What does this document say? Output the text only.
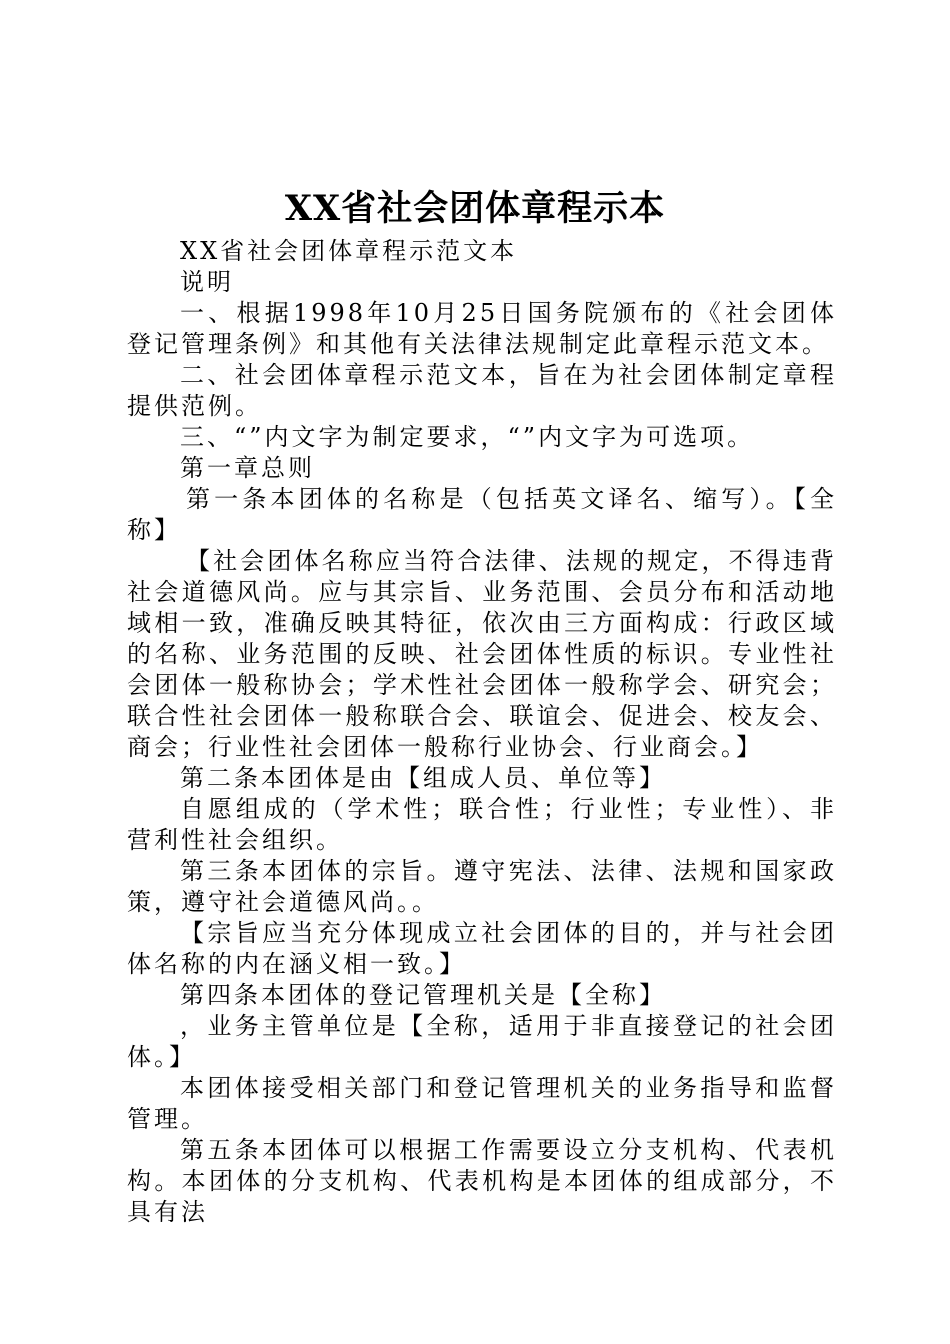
XX省社会团体章程示本

XX省社会团体章程示范文本

说明

一、根据1998年10月25日国务院颁布的《社会团体登记管理条例》和其他有关法律法规制定此章程示范文本。

二、社会团体章程示范文本，旨在为社会团体制定章程提供范例。

三、“”内文字为制定要求，“”内文字为可选项。

第一章总则

第一条本团体的名称是（包括英文译名、缩写）。【全称】

【社会团体名称应当符合法律、法规的规定，不得违背社会道德风尚。应与其宗旨、业务范围、会员分布和活动地域相一致，准确反映其特征，依次由三方面构成：行政区域的名称、业务范围的反映、社会团体性质的标识。专业性社会团体一般称协会；学术性社会团体一般称学会、研究会；联合性社会团体一般称联合会、联谊会、促进会、校友会、商会；行业性社会团体一般称行业协会、行业商会。】

第二条本团体是由【组成人员、单位等】

自愿组成的（学术性；联合性；行业性；专业性）、非营利性社会组织。

第三条本团体的宗旨。遵守宪法、法律、法规和国家政策，遵守社会道德风尚。。

【宗旨应当充分体现成立社会团体的目的，并与社会团体名称的内在涵义相一致。】

第四条本团体的登记管理机关是【全称】

，业务主管单位是【全称，适用于非直接登记的社会团体。】

本团体接受相关部门和登记管理机关的业务指导和监督管理。

第五条本团体可以根据工作需要设立分支机构、代表机构。本团体的分支机构、代表机构是本团体的组成部分，不具有法
